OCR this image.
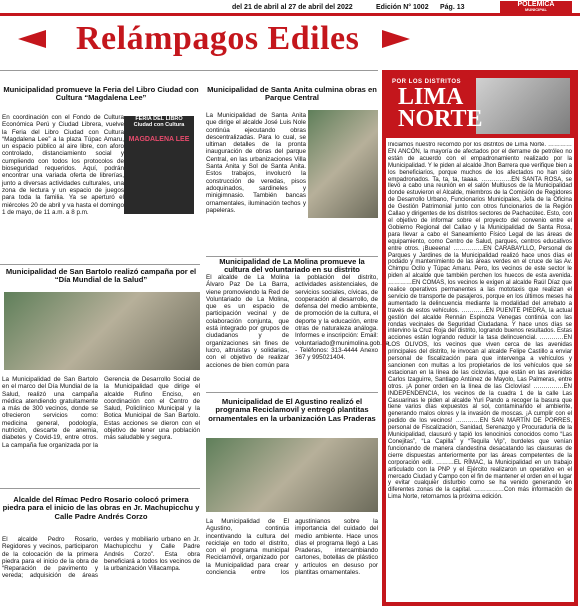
del 21 de abril al 27 de abril del 2022	Edición N° 1002 Pág. 13	POLÉMICA
MUNICIPAL
Relámpagos Ediles
Municipalidad promueve la Feria del Libro Ciudad con Cultura “Magdalena Lee”
En coordinación con el Fondo de Cultura Económica Perú y Ciudad Librera, vuelve la Feria del Libro Ciudad con Cultura “Magdalena Lee” a la plaza Túpac Amaru, un espacio público al aire libre, con aforo controlado, distanciamiento social y cumpliendo con todos los protocolos de bioseguridad requeridos. Aquí, podrán encontrar una variada oferta de librerías, junto a diversas actividades culturales, una zona de lectura y un espacio de juegos para toda la familia. Ya se aperturó el miércoles 20 de abril y va hasta el domingo 1 de mayo, de 11 a.m. a 8 p.m.
FERIA DEL LIBRO
Ciudad con Cultura
MAGDALENA LEE
Municipalidad de Santa Anita culmina obras en Parque Central
La Municipalidad de Santa Anita que dirige el alcalde José Luis Nole continúa ejecutando obras descentralizadas. Para lo cual, se ultiman detalles de la pronta inauguración de obras del parque Central, en las urbanizaciones Villa Santa Anita y Sol de Santa Anita. Estos trabajos, involucró la construcción de veredas, pisos adoquinados, sardineles y minigimnasio. También bancas ornamentales, iluminación techos y papeleras.
Municipalidad de San Bartolo realizó campaña por el “Día Mundial de la Salud”
La Municipalidad de San Bartolo en el marco del Día Mundial de la Salud, realizó una campaña médica atendiendo gratuitamente a más de 300 vecinos, donde se ofrecieron servicios como: medicina general, podología, nutrición, descarte de anemia, diabetes y Covid-19, entre otros. La campaña fue organizada por la Gerencia de Desarrollo Social de la Municipalidad que dirige el alcalde Rufino Enciso, en coordinación con el Centro de Salud, Policlínico Municipal y la Botica Municipal de San Bartolo. Estas acciones se dieron con el objetivo de tener una población más saludable y segura.
Municipalidad de La Molina promueve la cultura del voluntariado en su distrito
El alcalde de La Molina Álvaro Paz De La Barra, viene promoviendo la Red de Voluntariado de La Molina, que es un espacio de participación vecinal y de colaboración conjunta, que está integrado por grupos de ciudadanos y de organizaciones sin fines de lucro, altruistas y solidarias, con el objetivo de realizar acciones de bien común para la población del distrito, actividades asistenciales, de servicios sociales, cívicas, de cooperación al desarrollo, de defensa del medio ambiente, de promoción de la cultura, el deporte y la educación, entre otras de naturaleza análoga. Informes e inscripción: Email: voluntariado@munimolina.gob.pe - Teléfonos: 313-4444 Anexo 367 y 995021404.
Municipalidad de El Agustino realizó el programa Reciclamovil y entregó plantitas ornamentales en la urbanización Las Praderas
La Municipalidad de El Agustino, continúa incentivando la cultura del reciclaje en todo el distrito, con el programa municipal Reciclamóvil, organizado por la Municipalidad para crear conciencia entre los agustinianos sobre la importancia del cuidado del medio ambiente. Hace unos días el programa llegó a Las Praderas, intercambiando cartones, botellas de plástico y artículos en desuso por plantitas ornamentales.
Alcalde del Rímac Pedro Rosario colocó primera piedra para el inicio de las obras en Jr. Machupicchu y Calle Padre Andrés Corzo
El alcalde Pedro Rosario, Regidores y vecinos, participaron de la colocación de la primera piedra para el inicio de la obra de “Reparación de pavimento y vereda; adquisición de áreas verdes y mobiliario urbano en Jr. Machupicchu y Calle Padre Andrés Corzo”. Esta obra beneficiará a todos los vecinos de la urbanización Villacampa.
POR LOS DISTRITOS
LIMA
NORTE
Iniciamos nuestro recorrido por los distritos de Lima Norte. …………EN ANCÓN, la mayoría de afectados por el derrame de petróleo no están de acuerdo con el empadronamiento realizado por la Municipalidad. Y le piden al alcalde Jhon Barrera que verifique bien a los beneficiarios, porque muchos de los afectados no han sido empadronados. Ta, ta, ta, taaaa. ……………EN SANTA ROSA, se llevó a cabo una reunión en el salón Multiusos de la Municipalidad donde estuvieron el Alcalde, miembros de la Comisión de Regidores de Desarrollo Urbano, Funcionarios Municipales, Jefa de la Oficina de Gestión Patrimonial junto con otros funcionarios de la Región Callao y dirigentes de los distritos sectores de Pachacútec. Esto, con el objetivo de informar sobre el proyecto del convenio entre el Gobierno Regional del Callao y la Municipalidad de Santa Rosa, para llevar a cabo el Saneamiento Físico Legal de las áreas de equipamiento, como Centro de Salud, parques, centros educativos entre otros. ¡Bueeena! ……………EN CARABAYLLO, Personal de Parques y Jardines de la Municipalidad realizó hace unos días el podado y mantenimiento de las áreas verdes en el cruce de las Av. Chimpu Ocllo y Túpac Amaru. Pero, los vecinos de este sector le piden al alcalde que también perchen los huecos de esta avenida. …………EN COMAS, los vecinos le exigen al alcalde Raúl Díaz que realice operativos permanentes a las mototaxis que realizan el servicio de transporte de pasajeros, porque en los últimos meses ha aumentado la delincuencia mediante la modalidad del arrebato a través de estos vehículos. …………EN PUENTE PIEDRA, la actual gestión del alcalde Rennán Espinoza Venegas continúa con las rondas vecinales de Seguridad Ciudadana. Y hace unos días se intervino la Cruz Roja del distrito, logrando buenos resultados. Estas acciones están logrando reducir la tasa delincuencial. …………EN LOS OLIVOS, los vecinos que viven cerca de las avenidas principales del distrito, le invocan al alcalde Felipe Castillo a enviar personal de fiscalización para que intervenga a vehículos y sancionen con multas a los propietarios de los vehículos que se estacionan en la línea de las ciclovías, que están en las avenidas Carlos Izaguirre, Santiago Antúnez de Mayolo, Las Palmeras, entre otros. ¡A poner orden en la línea de las Ciclovías! ……………EN INDEPENDENCIA, los vecinos de la cuadra 1 de la calle Las Casuarinas le piden al alcalde Yuri Pando a recoger la basura que tiene varios días expuestos al sol, contaminando el ambiente, generando malos olores y la invasión de moscas. ¡A cumplir con el pedido de los vecinos! …………EN SAN MARTÍN DE PORRES, personal de Fiscalización, Sanidad, Serenazgo y Procuraduría de la Municipalidad, clausuró y tapió los lenocinios conocidos como “Las Conejitas”, “La Capilla” y “Tequila Vip”, burdeles que venían funcionando de manera clandestina desacatando las clausuras de cierre dispuestas anteriormente por las áreas competentes de la corporación edil. ………EL RÍMAC, la Municipalidad en un trabajo articulado con la PNP y el Ejército realizaron un operativo en el mercado Ciudad y Campo con el fin de mantener el orden en el lugar y evitar cualquier disturbio como se ha venido generando en diferentes zonas de la capital. ……………Con más información de Lima Norte, retornamos la próxima edición.
